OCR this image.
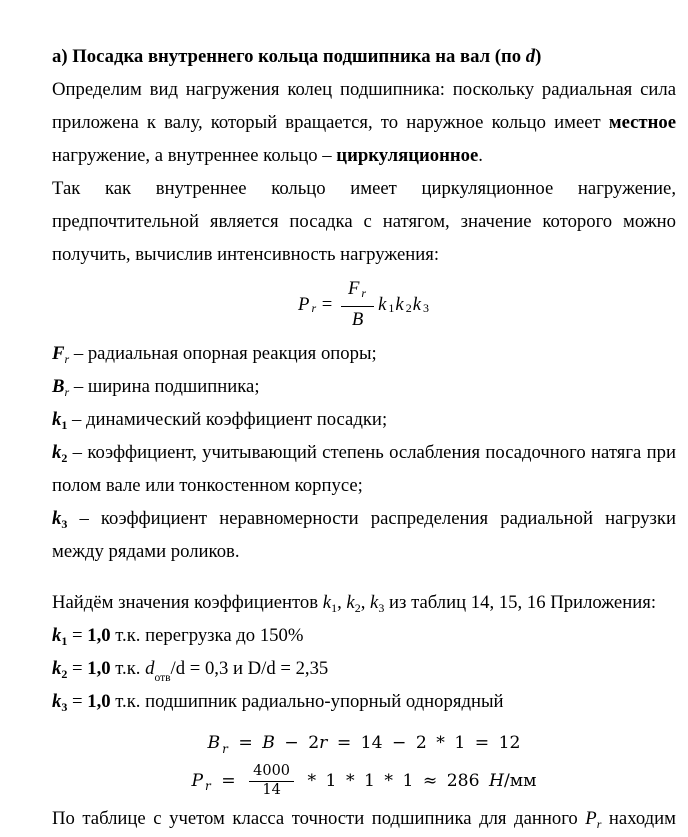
а) Посадка внутреннего кольца подшипника на вал (по d)

Определим вид нагружения колец подшипника: поскольку радиальная сила приложена к валу, который вращается, то наружное кольцо имеет местное нагружение, а внутреннее кольцо – циркуляционное.

Так как внутреннее кольцо имеет циркуляционное нагружение, предпочтительной является посадка с натягом, значение которого можно получить, вычислив интенсивность нагружения:

$P_r = \frac{F _r}{B} k_1$ $k_2$ $k_3$

$F_r$ – радиальная опорная реакция опоры;

$B_r$ – ширина подшипника;

$k_1$ – динамический коэффициент посадки;

$k_2$ – коэффициент, учитывающий степень ослабления посадочного натяга при полом вале или тонкостенном корпусе;

$k_3$ – коэффициент неравномерности распределения радиальной нагрузки между рядами роликов.

Найдём значения коэффициентов $k_1$, $k_2$, $k_3$ из таблиц 14, 15, 16 Приложения:

$k_1 = 1,0$ т.к. перегрузка до 150%

$k_2 = 1,0$ т.к. $d_{отв}/d = 0,3$ и D/d = 2,35

$k_3 = 1,0$ т.к. подшипник радиально-упорный однорядный

B $_r$ = B − 2r = 14 − 2 * 1 = 12
$P_r = \frac{4000}{14} * 1 * 1 * 1 \approx 286$ Н /мм

По таблице с учетом класса точности подшипника для данного $P_r$ находим
